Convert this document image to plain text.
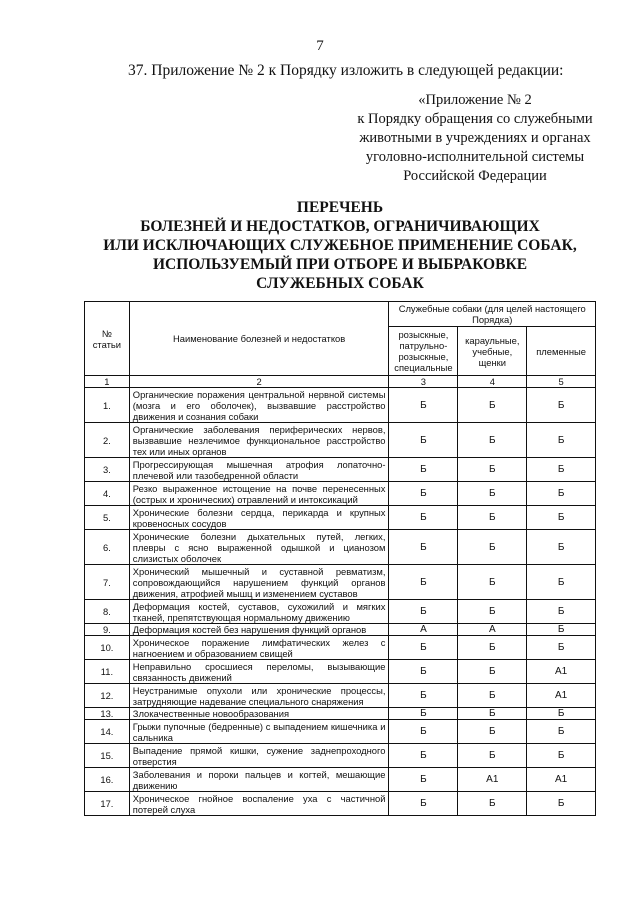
7
37. Приложение № 2 к Порядку изложить в следующей редакции:
«Приложение № 2
к Порядку обращения со служебными
животными в учреждениях и органах
уголовно-исполнительной системы
Российской Федерации
ПЕРЕЧЕНЬ
БОЛЕЗНЕЙ И НЕДОСТАТКОВ, ОГРАНИЧИВАЮЩИХ
ИЛИ ИСКЛЮЧАЮЩИХ СЛУЖЕБНОЕ ПРИМЕНЕНИЕ СОБАК,
ИСПОЛЬЗУЕМЫЙ ПРИ ОТБОРЕ И ВЫБРАКОВКЕ
СЛУЖЕБНЫХ СОБАК
№ статьи	Наименование болезней и недостатков	Служебные собаки (для целей настоящего Порядка)		
		розыскные, патрульно-розыскные, специальные	караульные, учебные, щенки	племенные
1	2	3	4	5
1.	Органические поражения центральной нервной системы (мозга и его оболочек), вызвавшие расстройство движения и сознания собаки	Б	Б	Б
2.	Органические заболевания периферических нервов, вызвавшие незлечимое функциональное расстройство тех или иных органов	Б	Б	Б
3.	Прогрессирующая мышечная атрофия лопаточно-плечевой или тазобедренной области	Б	Б	Б
4.	Резко выраженное истощение на почве перенесенных (острых и хронических) отравлений и интоксикаций	Б	Б	Б
5.	Хронические болезни сердца, перикарда и крупных кровеносных сосудов	Б	Б	Б
6.	Хронические болезни дыхательных путей, легких, плевры с ясно выраженной одышкой и цианозом слизистых оболочек	Б	Б	Б
7.	Хронический мышечный и суставной ревматизм, сопровождающийся нарушением функций органов движения, атрофией мышц и изменением суставов	Б	Б	Б
8.	Деформация костей, суставов, сухожилий и мягких тканей, препятствующая нормальному движению	Б	Б	Б
9.	Деформация костей без нарушения функций органов	А	А	Б
10.	Хроническое поражение лимфатических желез с нагноением и образованием свищей	Б	Б	Б
11.	Неправильно сросшиеся переломы, вызывающие связанность движений	Б	Б	А1
12.	Неустранимые опухоли или хронические процессы, затрудняющие надевание специального снаряжения	Б	Б	А1
13.	Злокачественные новообразования	Б	Б	Б
14.	Грыжи пупочные (бедренные) с выпадением кишечника и сальника	Б	Б	Б
15.	Выпадение прямой кишки, сужение заднепроходного отверстия	Б	Б	Б
16.	Заболевания и пороки пальцев и когтей, мешающие движению	Б	А1	А1
17.	Хроническое гнойное воспаление уха с частичной потерей слуха	Б	Б	Б
